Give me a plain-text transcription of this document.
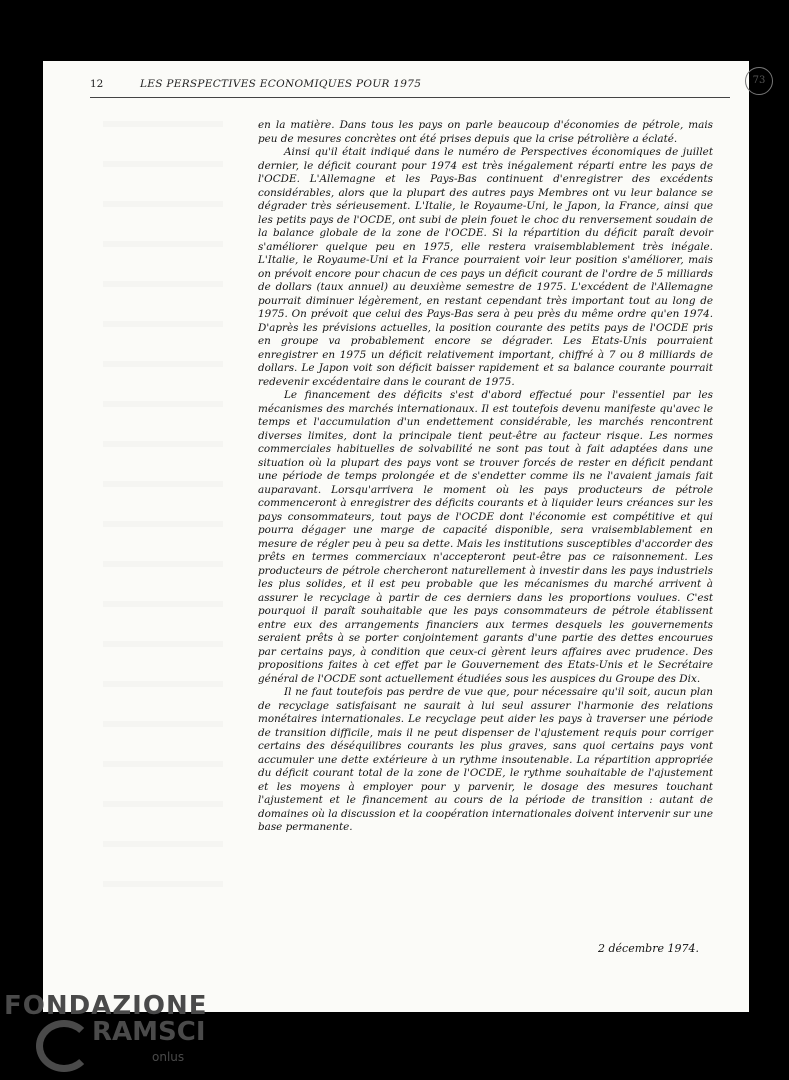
12	LES PERSPECTIVES ECONOMIQUES POUR 1975	73

en la matière. Dans tous les pays on parle beaucoup d'économies de pétrole, mais peu de mesures concrètes ont été prises depuis que la crise pétrolière a éclaté.

Ainsi qu'il était indiqué dans le numéro de Perspectives économiques de juillet dernier, le déficit courant pour 1974 est très inégalement réparti entre les pays de l'OCDE. L'Allemagne et les Pays-Bas continuent d'enregistrer des excédents considérables, alors que la plupart des autres pays Membres ont vu leur balance se dégrader très sérieusement. L'Italie, le Royaume-Uni, le Japon, la France, ainsi que les petits pays de l'OCDE, ont subi de plein fouet le choc du renversement soudain de la balance globale de la zone de l'OCDE. Si la répartition du déficit paraît devoir s'améliorer quelque peu en 1975, elle restera vraisemblablement très inégale. L'Italie, le Royaume-Uni et la France pourraient voir leur position s'améliorer, mais on prévoit encore pour chacun de ces pays un déficit courant de l'ordre de 5 milliards de dollars (taux annuel) au deuxième semestre de 1975. L'excédent de l'Allemagne pourrait diminuer légèrement, en restant cependant très important tout au long de 1975. On prévoit que celui des Pays-Bas sera à peu près du même ordre qu'en 1974. D'après les prévisions actuelles, la position courante des petits pays de l'OCDE pris en groupe va probablement encore se dégrader. Les Etats-Unis pourraient enregistrer en 1975 un déficit relativement important, chiffré à 7 ou 8 milliards de dollars. Le Japon voit son déficit baisser rapidement et sa balance courante pourrait redevenir excédentaire dans le courant de 1975.

Le financement des déficits s'est d'abord effectué pour l'essentiel par les mécanismes des marchés internationaux. Il est toutefois devenu manifeste qu'avec le temps et l'accumulation d'un endettement considérable, les marchés rencontrent diverses limites, dont la principale tient peut-être au facteur risque. Les normes commerciales habituelles de solvabilité ne sont pas tout à fait adaptées dans une situation où la plupart des pays vont se trouver forcés de rester en déficit pendant une période de temps prolongée et de s'endetter comme ils ne l'avaient jamais fait auparavant. Lorsqu'arrivera le moment où les pays producteurs de pétrole commenceront à enregistrer des déficits courants et à liquider leurs créances sur les pays consommateurs, tout pays de l'OCDE dont l'économie est compétitive et qui pourra dégager une marge de capacité disponible, sera vraisemblablement en mesure de régler peu à peu sa dette. Mais les institutions susceptibles d'accorder des prêts en termes commerciaux n'accepteront peut-être pas ce raisonnement. Les producteurs de pétrole chercheront naturellement à investir dans les pays industriels les plus solides, et il est peu probable que les mécanismes du marché arrivent à assurer le recyclage à partir de ces derniers dans les proportions voulues. C'est pourquoi il paraît souhaitable que les pays consommateurs de pétrole établissent entre eux des arrangements financiers aux termes desquels les gouvernements seraient prêts à se porter conjointement garants d'une partie des dettes encourues par certains pays, à condition que ceux-ci gèrent leurs affaires avec prudence. Des propositions faites à cet effet par le Gouvernement des Etats-Unis et le Secrétaire général de l'OCDE sont actuellement étudiées sous les auspices du Groupe des Dix.

Il ne faut toutefois pas perdre de vue que, pour nécessaire qu'il soit, aucun plan de recyclage satisfaisant ne saurait à lui seul assurer l'harmonie des relations monétaires internationales. Le recyclage peut aider les pays à traverser une période de transition difficile, mais il ne peut dispenser de l'ajustement requis pour corriger certains des déséquilibres courants les plus graves, sans quoi certains pays vont accumuler une dette extérieure à un rythme insoutenable. La répartition appropriée du déficit courant total de la zone de l'OCDE, le rythme souhaitable de l'ajustement et les moyens à employer pour y parvenir, le dosage des mesures touchant l'ajustement et le financement au cours de la période de transition : autant de domaines où la discussion et la coopération internationales doivent intervenir sur une base permanente.

2 décembre 1974.
FONDAZIONE
RAMSCI
onlus
